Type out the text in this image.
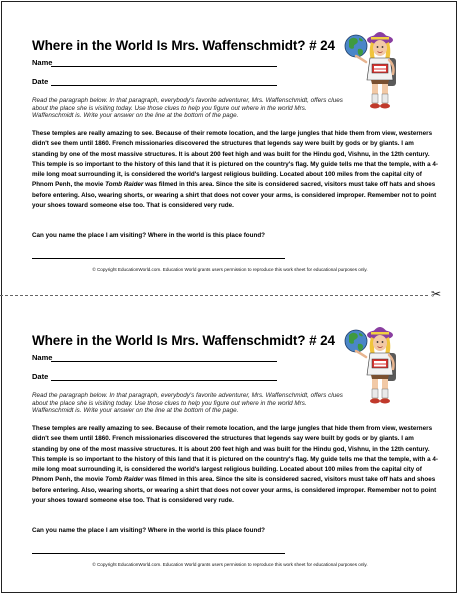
Where in the World Is Mrs. Waffenschmidt? # 24
Name
Date
Read the paragraph below. In that paragraph, everybody's favorite adventurer, Mrs. Waffenschmidt, offers clues about the place she is visiting today. Use those clues to help you figure out where in the world Mrs. Waffenschmidt is. Write your answer on the line at the bottom of the page.
These temples are really amazing to see. Because of their remote location, and the large jungles that hide them from view, westerners didn't see them until 1860. French missionaries discovered the structures that legends say were built by gods or by giants. I am standing by one of the most massive structures. It is about 200 feet high and was built for the Hindu god, Vishnu, in the 12th century. This temple is so important to the history of this land that it is pictured on the country's flag. My guide tells me that the temple, with a 4-mile long moat surrounding it, is considered the world's largest religious building. Located about 100 miles from the capital city of Phnom Penh, the movie Tomb Raider was filmed in this area. Since the site is considered sacred, visitors must take off hats and shoes before entering. Also, wearing shorts, or wearing a shirt that does not cover your arms, is considered improper. Remember not to point your shoes toward someone else too. That is considered very rude.
Can you name the place I am visiting? Where in the world is this place found?
© Copyright EducationWorld.com. Education World grants users permission to reproduce this work sheet for educational purposes only.
✂
Where in the World Is Mrs. Waffenschmidt? # 24
Name
Date
Read the paragraph below. In that paragraph, everybody's favorite adventurer, Mrs. Waffenschmidt, offers clues about the place she is visiting today. Use those clues to help you figure out where in the world Mrs. Waffenschmidt is. Write your answer on the line at the bottom of the page.
These temples are really amazing to see. Because of their remote location, and the large jungles that hide them from view, westerners didn't see them until 1860. French missionaries discovered the structures that legends say were built by gods or by giants. I am standing by one of the most massive structures. It is about 200 feet high and was built for the Hindu god, Vishnu, in the 12th century. This temple is so important to the history of this land that it is pictured on the country's flag. My guide tells me that the temple, with a 4-mile long moat surrounding it, is considered the world's largest religious building. Located about 100 miles from the capital city of Phnom Penh, the movie Tomb Raider was filmed in this area. Since the site is considered sacred, visitors must take off hats and shoes before entering. Also, wearing shorts, or wearing a shirt that does not cover your arms, is considered improper. Remember not to point your shoes toward someone else too. That is considered very rude.
Can you name the place I am visiting? Where in the world is this place found?
© Copyright EducationWorld.com. Education World grants users permission to reproduce this work sheet for educational purposes only.
